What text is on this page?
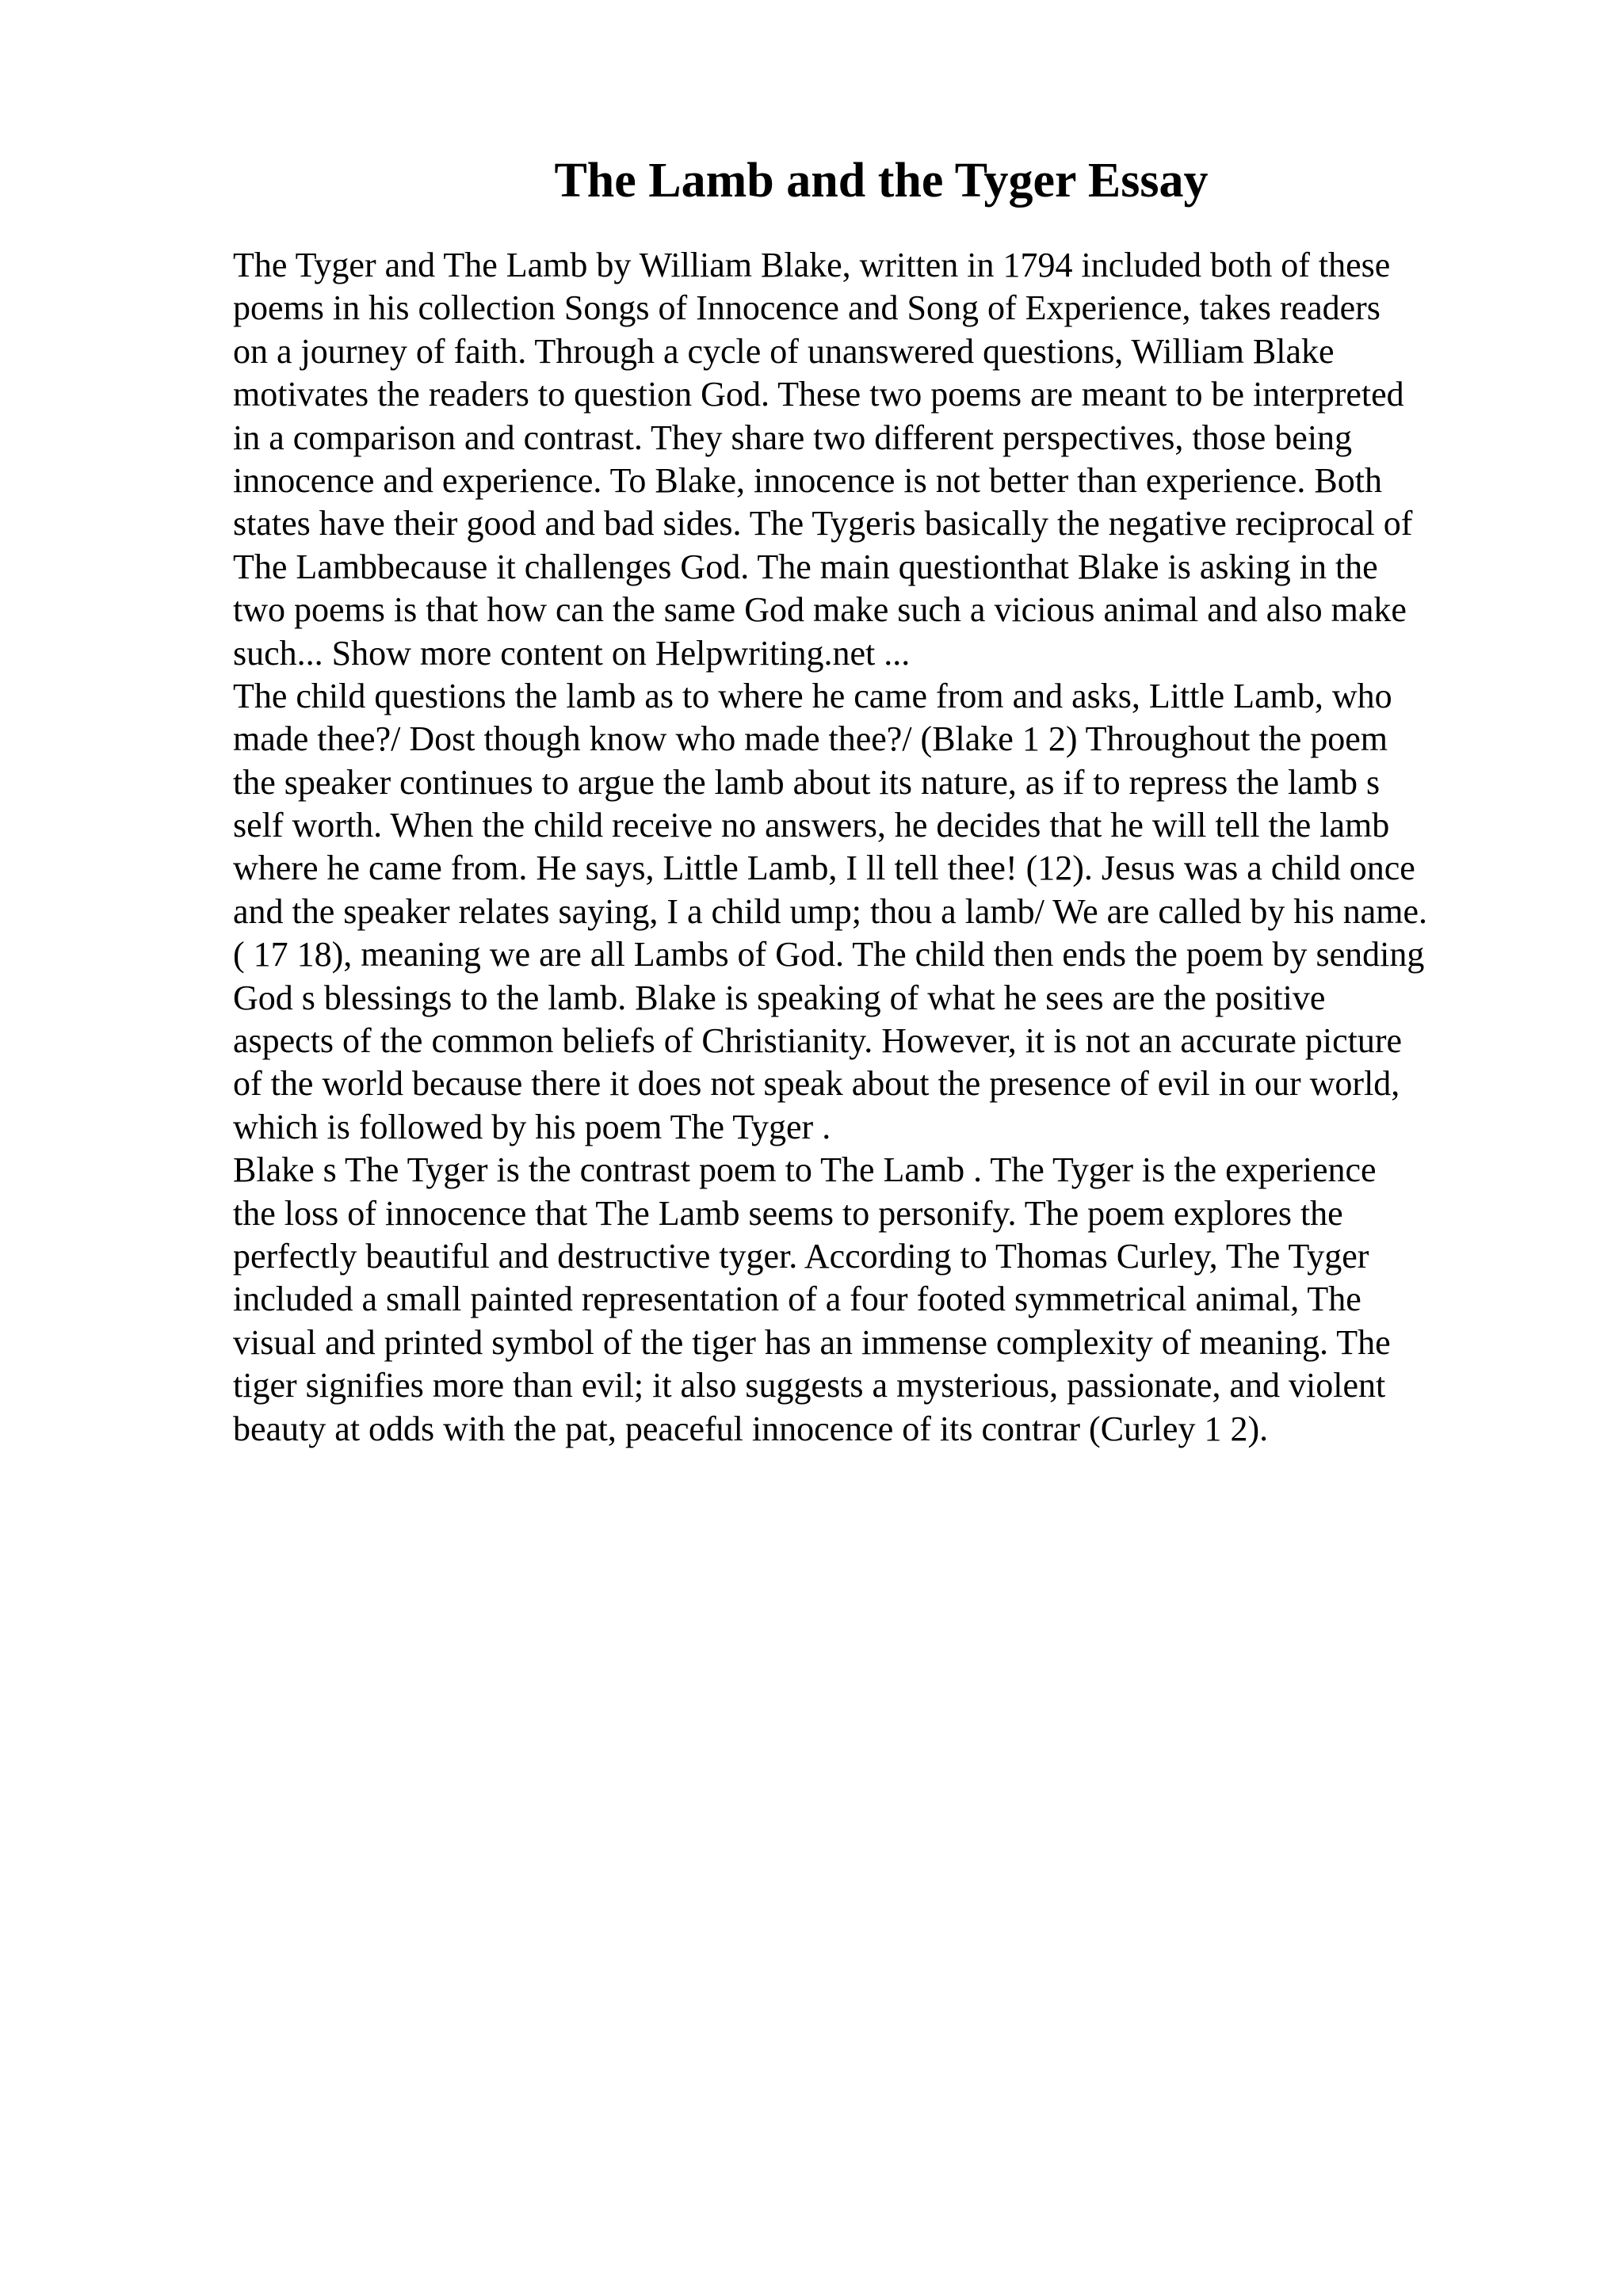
The Lamb and the Tyger Essay
The Tyger and The Lamb by William Blake, written in 1794 included both of these
poems in his collection Songs of Innocence and Song of Experience, takes readers
on a journey of faith. Through a cycle of unanswered questions, William Blake
motivates the readers to question God. These two poems are meant to be interpreted
in a comparison and contrast. They share two different perspectives, those being
innocence and experience. To Blake, innocence is not better than experience. Both
states have their good and bad sides. The Tygeris basically the negative reciprocal of
The Lambbecause it challenges God. The main questionthat Blake is asking in the
two poems is that how can the same God make such a vicious animal and also make
such... Show more content on Helpwriting.net ...
The child questions the lamb as to where he came from and asks, Little Lamb, who
made thee?/ Dost though know who made thee?/ (Blake 1 2) Throughout the poem
the speaker continues to argue the lamb about its nature, as if to repress the lamb s
self worth. When the child receive no answers, he decides that he will tell the lamb
where he came from. He says, Little Lamb, I ll tell thee! (12). Jesus was a child once
and the speaker relates saying, I a child ump; thou a lamb/ We are called by his name.
( 17 18), meaning we are all Lambs of God. The child then ends the poem by sending
God s blessings to the lamb. Blake is speaking of what he sees are the positive
aspects of the common beliefs of Christianity. However, it is not an accurate picture
of the world because there it does not speak about the presence of evil in our world,
which is followed by his poem The Tyger .
Blake s The Tyger is the contrast poem to The Lamb . The Tyger is the experience
the loss of innocence that The Lamb seems to personify. The poem explores the
perfectly beautiful and destructive tyger. According to Thomas Curley, The Tyger
included a small painted representation of a four footed symmetrical animal, The
visual and printed symbol of the tiger has an immense complexity of meaning. The
tiger signifies more than evil; it also suggests a mysterious, passionate, and violent
beauty at odds with the pat, peaceful innocence of its contrar (Curley 1 2).
